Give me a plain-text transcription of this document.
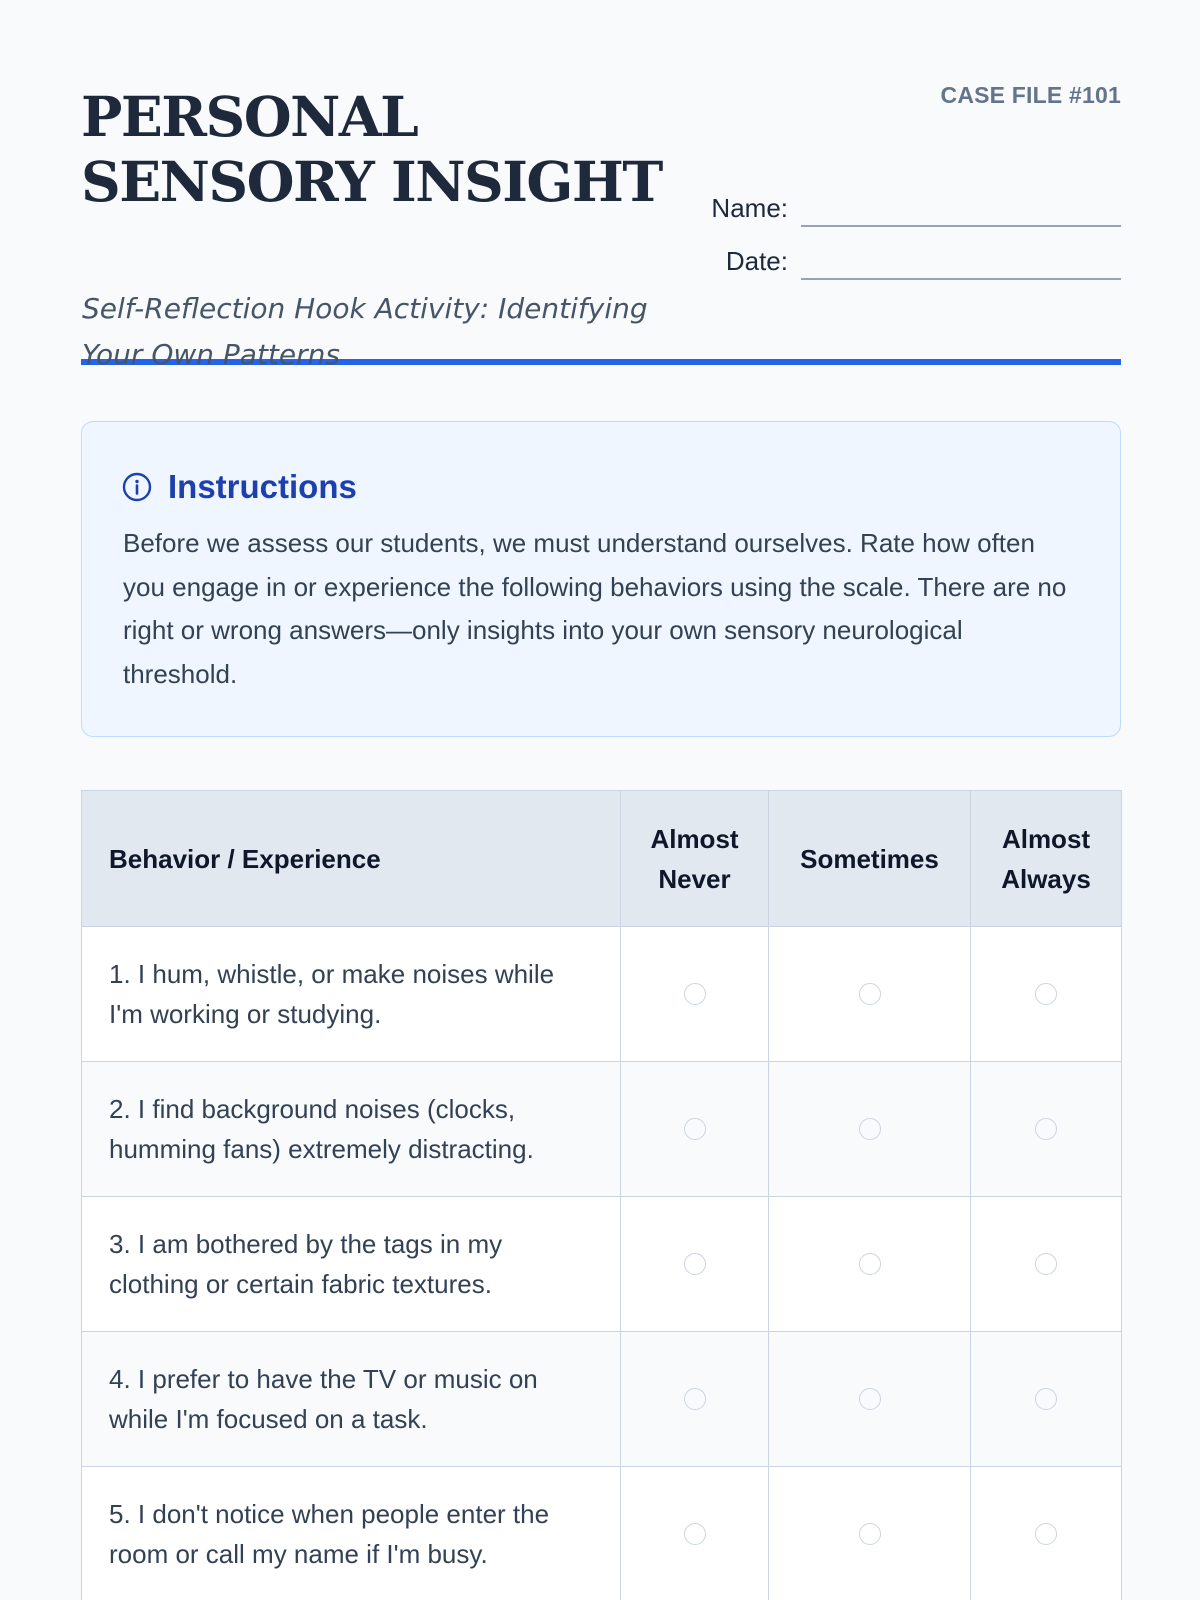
PERSONAL SENSORY INSIGHT

Self-Reflection Hook Activity: Identifying Your Own Patterns

CASE FILE #101
Name:
Date:
Instructions

Before we assess our students, we must understand ourselves. Rate how often you engage in or experience the following behaviors using the scale. There are no right or wrong answers—only insights into your own sensory neurological threshold.

Behavior / Experience	Almost Never	Sometimes	Almost Always
1. I hum, whistle, or make noises while I'm working or studying.			
2. I find background noises (clocks, humming fans) extremely distracting.			
3. I am bothered by the tags in my clothing or certain fabric textures.			
4. I prefer to have the TV or music on while I'm focused on a task.			
5. I don't notice when people enter the room or call my name if I'm busy.			
